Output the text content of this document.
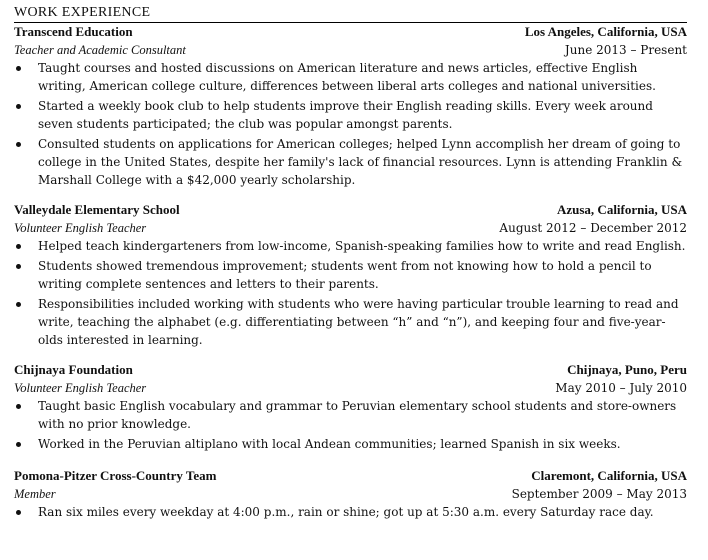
WORK EXPERIENCE
Transcend Education	Los Angeles, California, USA
Teacher and Academic Consultant	June 2013 – Present
Taught courses and hosted discussions on American literature and news articles, effective English writing, American college culture, differences between liberal arts colleges and national universities.
Started a weekly book club to help students improve their English reading skills. Every week around seven students participated; the club was popular amongst parents.
Consulted students on applications for American colleges; helped Lynn accomplish her dream of going to college in the United States, despite her family's lack of financial resources. Lynn is attending Franklin & Marshall College with a $42,000 yearly scholarship.
Valleydale Elementary School	Azusa, California, USA
Volunteer English Teacher	August 2012 – December 2012
Helped teach kindergarteners from low-income, Spanish-speaking families how to write and read English.
Students showed tremendous improvement; students went from not knowing how to hold a pencil to writing complete sentences and letters to their parents.
Responsibilities included working with students who were having particular trouble learning to read and write, teaching the alphabet (e.g. differentiating between “h” and “n”), and keeping four and five-year-olds interested in learning.
Chijnaya Foundation	Chijnaya, Puno, Peru
Volunteer English Teacher	May 2010 – July 2010
Taught basic English vocabulary and grammar to Peruvian elementary school students and store-owners with no prior knowledge.
Worked in the Peruvian altiplano with local Andean communities; learned Spanish in six weeks.
Pomona-Pitzer Cross-Country Team	Claremont, California, USA
Member	September 2009 – May 2013
Ran six miles every weekday at 4:00 p.m., rain or shine; got up at 5:30 a.m. every Saturday race day.
